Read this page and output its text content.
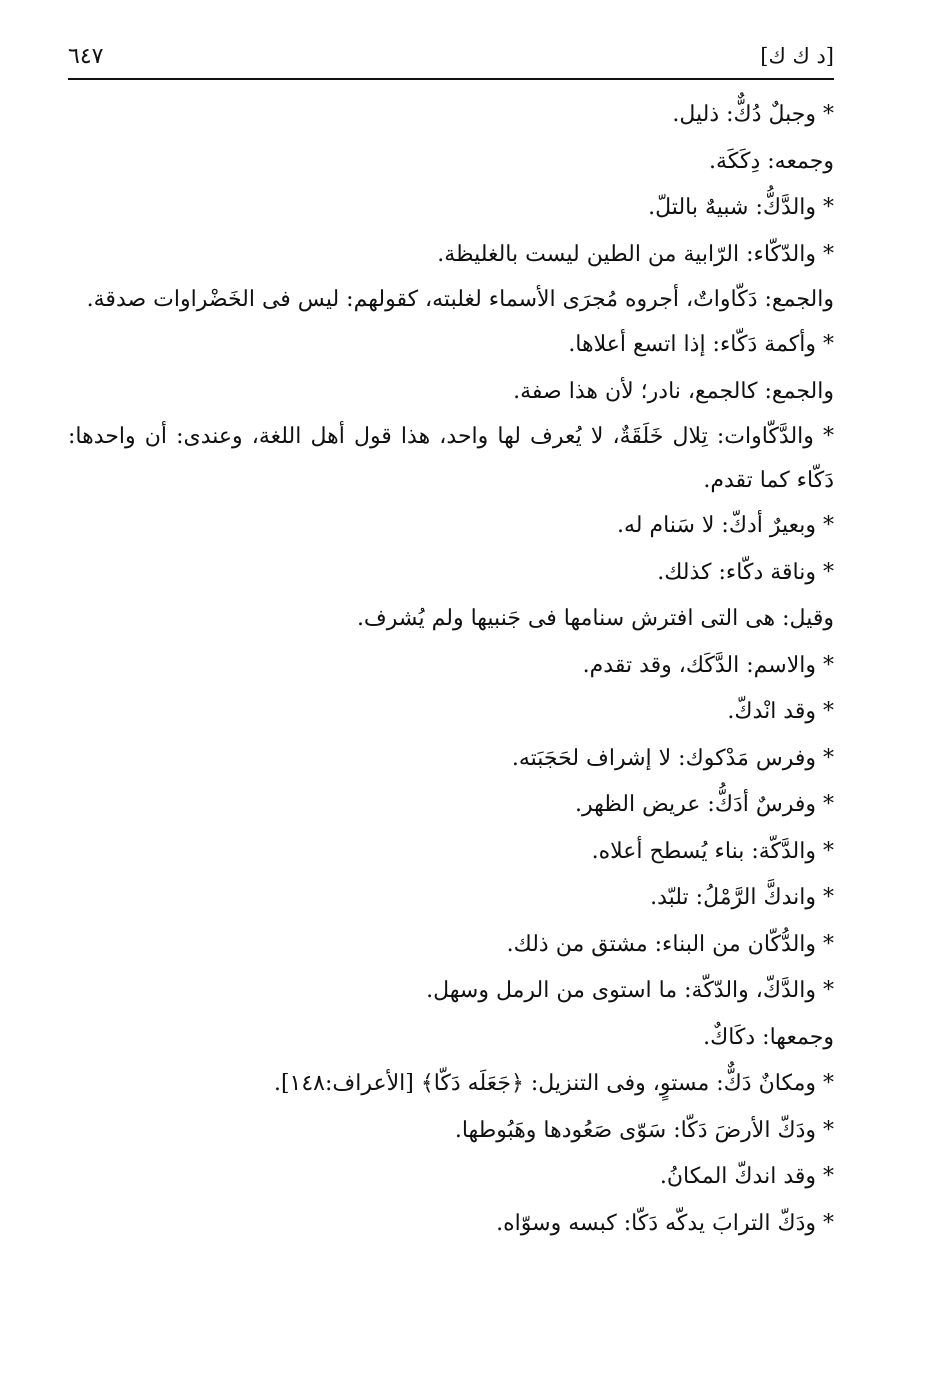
[د ك ك]
٦٤٧

* وجبلٌ دُكٌّ: ذليل.

وجمعه: دِكَكَة.

* والدَّكُّ: شبيهٌ بالتلّ.

* والدّكّاء: الرّابية من الطين ليست بالغليظة.

والجمع: دَكّاواتٌ، أجروه مُجرَى الأسماء لغلبته، كقولهم: ليس فى الخَضْراوات صدقة.

* وأكمة دَكّاء: إذا اتسع أعلاها.

والجمع: كالجمع، نادر؛ لأن هذا صفة.

* والدَّكّاوات: تِلال خَلَقَةٌ، لا يُعرف لها واحد، هذا قول أهل اللغة، وعندى: أن واحدها: دَكّاء كما تقدم.

* وبعيرٌ أدكّ: لا سَنام له.

* وناقة دكّاء: كذلك.

وقيل: هى التى افترش سنامها فى جَنبيها ولم يُشرف.

* والاسم: الدَّكَك، وقد تقدم.

* وقد انْدكّ.

* وفرس مَدْكوك: لا إشراف لحَجَبَته.

* وفرسٌ أدَكُّ: عريض الظهر.

* والدَّكّة: بناء يُسطح أعلاه.

* واندكَّ الرَّمْلُ: تلبّد.

* والدُّكّان من البناء: مشتق من ذلك.

* والدَّكّ، والدّكّة: ما استوى من الرمل وسهل.

وجمعها: دكَاكٌ.

* ومكانٌ دَكٌّ: مستوٍ، وفى التنزيل: ﴿جَعَلَه دَكّا﴾ [الأعراف:١٤٨].

* ودَكّ الأرضَ دَكّا: سَوّى صَعُودها وهَبُوطها.

* وقد اندكّ المكانُ.

* ودَكّ الترابَ يدكّه دَكّا: كبسه وسوّاه.
